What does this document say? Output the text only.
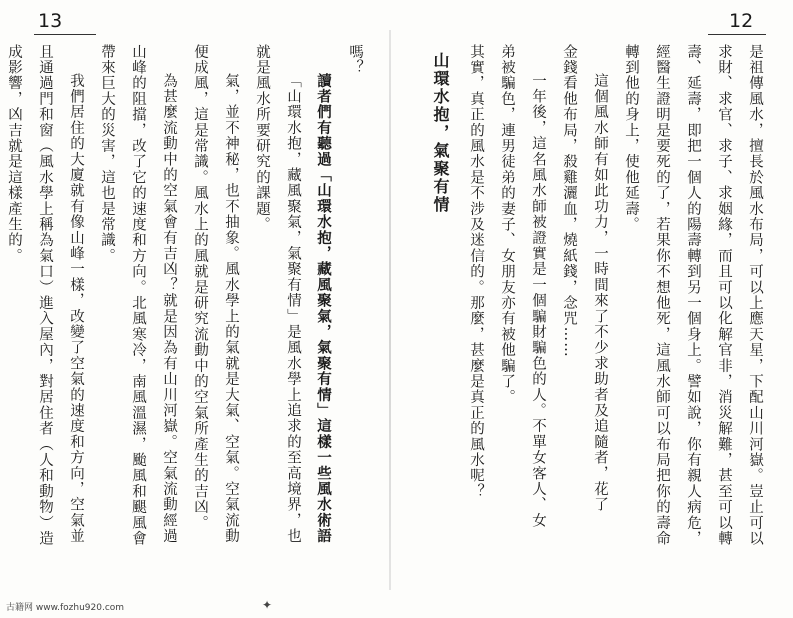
13	12

是祖傳風水，擅長於風水布局，可以上應天星，下配山川河嶽。豈止可以

求財、求官、求子、求姻緣，而且可以化解官非，消災解難，甚至可以轉

壽、延壽，即把一個人的陽壽轉到另一個身上。譬如說，你有親人病危，

經醫生證明是要死的了，若果你不想他死，這風水師可以布局把你的壽命

轉到他的身上，使他延壽。

這個風水師有如此功力，一時間來了不少求助者及追隨者，花了

金錢看他布局，殺雞灑血，燒紙錢，念咒……

一年後，這名風水師被證實是一個騙財騙色的人。不單女客人、女

弟被騙色，連男徒弟的妻子、女朋友亦有被他騙了。

其實，真正的風水是不涉及迷信的。那麼，甚麼是真正的風水呢？

山環水抱，氣聚有情

嗎？

讀者們有聽過「山環水抱，藏風聚氣，氣聚有情」這樣一些風水術語

「山環水抱，藏風聚氣，氣聚有情」是風水學上追求的至高境界，也

就是風水所要研究的課題。

氣，並不神秘，也不抽象。風水學上的氣就是大氣、空氣。空氣流動

便成風，這是常識。風水上的風就是研究流動中的空氣所產生的吉凶。

為甚麼流動中的空氣會有吉凶？就是因為有山川河嶽。空氣流動經過

山峰的阻擋，改了它的速度和方向。北風寒冷，南風溫濕，颱風和颶風會

帶來巨大的災害，這也是常識。

我們居住的大廈就有像山峰一樣，改變了空氣的速度和方向，空氣並

且通過門和窗（風水學上稱為氣口）進入屋內，對居住者（人和動物）造

成影響，凶吉就是這樣產生的。

✦
古籍网 www.fozhu920.com
